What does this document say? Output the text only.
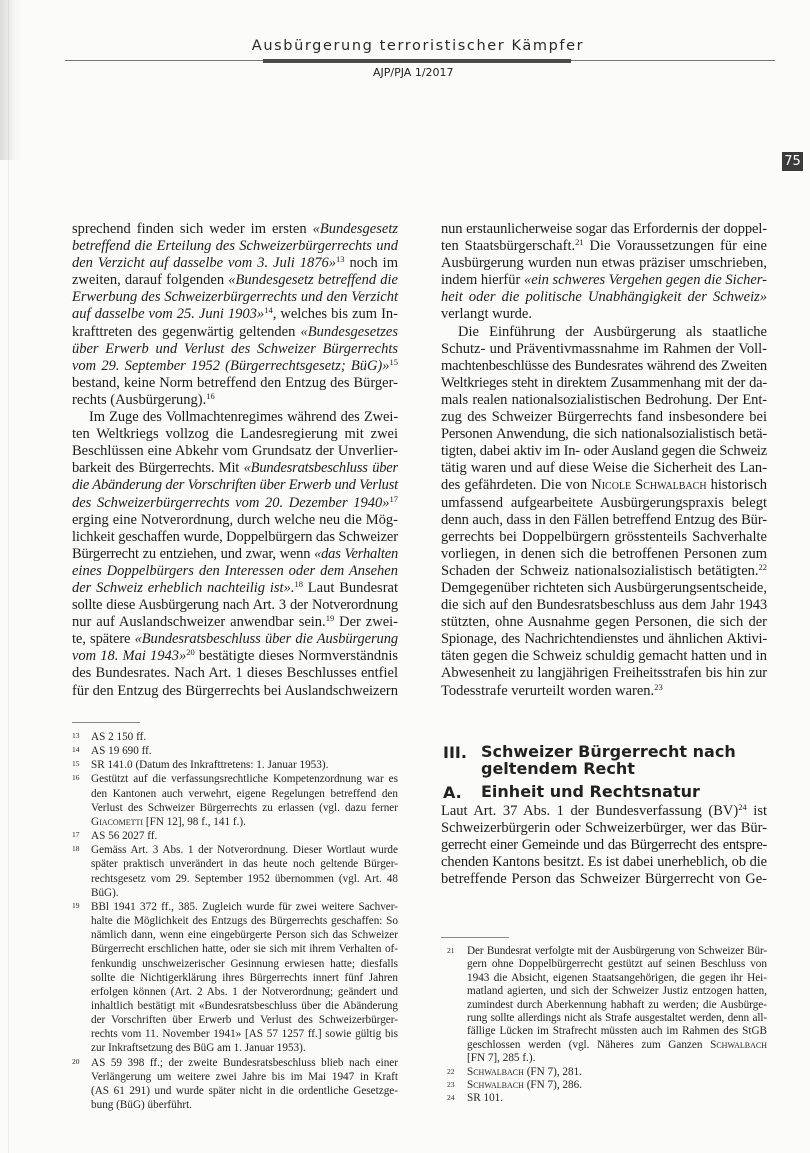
Ausbürgerung terroristischer Kämpfer
AJP/PJA 1/2017
75
sprechend finden sich weder im ersten «Bundesgesetz
betreffend die Erteilung des Schweizerbürgerrechts und
den Verzicht auf dasselbe vom 3. Juli 1876»$^{13}$ noch im
zweiten, darauf folgenden «Bundesgesetz betreffend die
Erwerbung des Schweizerbürgerrechts und den Verzicht
auf dasselbe vom 25. Juni 1903»$^{14}$, welches bis zum In-
krafttreten des gegenwärtig geltenden «Bundesgesetzes
über Erwerb und Verlust des Schweizer Bürgerrechts
vom 29. September 1952 (Bürgerrechtsgesetz; BüG)»$^{15}$
bestand, keine Norm betreffend den Entzug des Bürger-
rechts (Ausbürgerung).$^{16}$
Im Zuge des Vollmachtenregimes während des Zwei-
ten Weltkriegs vollzog die Landesregierung mit zwei
Beschlüssen eine Abkehr vom Grundsatz der Unverlier-
barkeit des Bürgerrechts. Mit «Bundesratsbeschluss über
die Abänderung der Vorschriften über Erwerb und Verlust
des Schweizerbürgerrechts vom 20. Dezember 1940»$^{17}$
erging eine Notverordnung, durch welche neu die Mög-
lichkeit geschaffen wurde, Doppelbürgern das Schweizer
Bürgerrecht zu entziehen, und zwar, wenn «das Verhalten
eines Doppelbürgers den Interessen oder dem Ansehen
der Schweiz erheblich nachteilig ist».$^{18}$ Laut Bundesrat
sollte diese Ausbürgerung nach Art. 3 der Notverordnung
nur auf Auslandschweizer anwendbar sein.$^{19}$ Der zwei-
te, spätere «Bundesratsbeschluss über die Ausbürgerung
vom 18. Mai 1943»$^{20}$ bestätigte dieses Normverständnis
des Bundesrates. Nach Art. 1 dieses Beschlusses entfiel
für den Entzug des Bürgerrechts bei Auslandschweizern
nun erstaunlicherweise sogar das Erfordernis der doppel-
ten Staatsbürgerschaft.$^{21}$ Die Voraussetzungen für eine
Ausbürgerung wurden nun etwas präziser umschrieben,
indem hierfür «ein schweres Vergehen gegen die Sicher-
heit oder die politische Unabhängigkeit der Schweiz»
verlangt wurde.
Die Einführung der Ausbürgerung als staatliche
Schutz- und Präventivmassnahme im Rahmen der Voll-
machtenbeschlüsse des Bundesrates während des Zweiten
Weltkrieges steht in direktem Zusammenhang mit der da-
mals realen nationalsozialistischen Bedrohung. Der Ent-
zug des Schweizer Bürgerrechts fand insbesondere bei
Personen Anwendung, die sich nationalsozialistisch betä-
tigten, dabei aktiv im In- oder Ausland gegen die Schweiz
tätig waren und auf diese Weise die Sicherheit des Lan-
des gefährdeten. Die von Nicole Schwalbach historisch
umfassend aufgearbeitete Ausbürgerungspraxis belegt
denn auch, dass in den Fällen betreffend Entzug des Bür-
gerrechts bei Doppelbürgern grösstenteils Sachverhalte
vorliegen, in denen sich die betroffenen Personen zum
Schaden der Schweiz nationalsozialistisch betätigten.$^{22}$
Demgegenüber richteten sich Ausbürgerungsentscheide,
die sich auf den Bundesratsbeschluss aus dem Jahr 1943
stützten, ohne Ausnahme gegen Personen, die sich der
Spionage, des Nachrichtendienstes und ähnlichen Aktivi-
täten gegen die Schweiz schuldig gemacht hatten und in
Abwesenheit zu langjährigen Freiheitsstrafen bis hin zur
Todesstrafe verurteilt worden waren.$^{23}$
III. Schweizer Bürgerrecht nach
geltendem Recht
A. Einheit und Rechtsnatur
Laut Art. 37 Abs. 1 der Bundesverfassung (BV)$^{24}$ ist
Schweizerbürgerin oder Schweizerbürger, wer das Bür-
gerrecht einer Gemeinde und das Bürgerrecht des entspre-
chenden Kantons besitzt. Es ist dabei unerheblich, ob die
betreffende Person das Schweizer Bürgerrecht von Ge-
13 AS 2 150 ff.
14 AS 19 690 ff.
15 SR 141.0 (Datum des Inkrafttretens: 1. Januar 1953).
16 Gestützt auf die verfassungsrechtliche Kompetenzordnung war es
den Kantonen auch verwehrt, eigene Regelungen betreffend den
Verlust des Schweizer Bürgerrechts zu erlassen (vgl. dazu ferner
Giacometti [FN 12], 98 f., 141 f.).
17 AS 56 2027 ff.
18 Gemäss Art. 3 Abs. 1 der Notverordnung. Dieser Wortlaut wurde
später praktisch unverändert in das heute noch geltende Bürger-
rechtsgesetz vom 29. September 1952 übernommen (vgl. Art. 48
BüG).
19 BBl 1941 372 ff., 385. Zugleich wurde für zwei weitere Sachver-
halte die Möglichkeit des Entzugs des Bürgerrechts geschaffen: So
nämlich dann, wenn eine eingebürgerte Person sich das Schweizer
Bürgerrecht erschlichen hatte, oder sie sich mit ihrem Verhalten of-
fenkundig unschweizerischer Gesinnung erwiesen hatte; diesfalls
sollte die Nichtigerklärung ihres Bürgerrechts innert fünf Jahren
erfolgen können (Art. 2 Abs. 1 der Notverordnung; geändert und
inhaltlich bestätigt mit «Bundesratsbeschluss über die Abänderung
der Vorschriften über Erwerb und Verlust des Schweizerbürger-
rechts vom 11. November 1941» [AS 57 1257 ff.] sowie gültig bis
zur Inkraftsetzung des BüG am 1. Januar 1953).
20 AS 59 398 ff.; der zweite Bundesratsbeschluss blieb nach einer
Verlängerung um weitere zwei Jahre bis im Mai 1947 in Kraft
(AS 61 291) und wurde später nicht in die ordentliche Gesetzge-
bung (BüG) überführt.
21 Der Bundesrat verfolgte mit der Ausbürgerung von Schweizer Bür-
gern ohne Doppelbürgerrecht gestützt auf seinen Beschluss von
1943 die Absicht, eigenen Staatsangehörigen, die gegen ihr Hei-
matland agierten, und sich der Schweizer Justiz entzogen hatten,
zumindest durch Aberkennung habhaft zu werden; die Ausbürge-
rung sollte allerdings nicht als Strafe ausgestaltet werden, denn all-
fällige Lücken im Strafrecht müssten auch im Rahmen des StGB
geschlossen werden (vgl. Näheres zum Ganzen Schwalbach
[FN 7], 285 f.).
22 Schwalbach (FN 7), 281.
23 Schwalbach (FN 7), 286.
24 SR 101.
